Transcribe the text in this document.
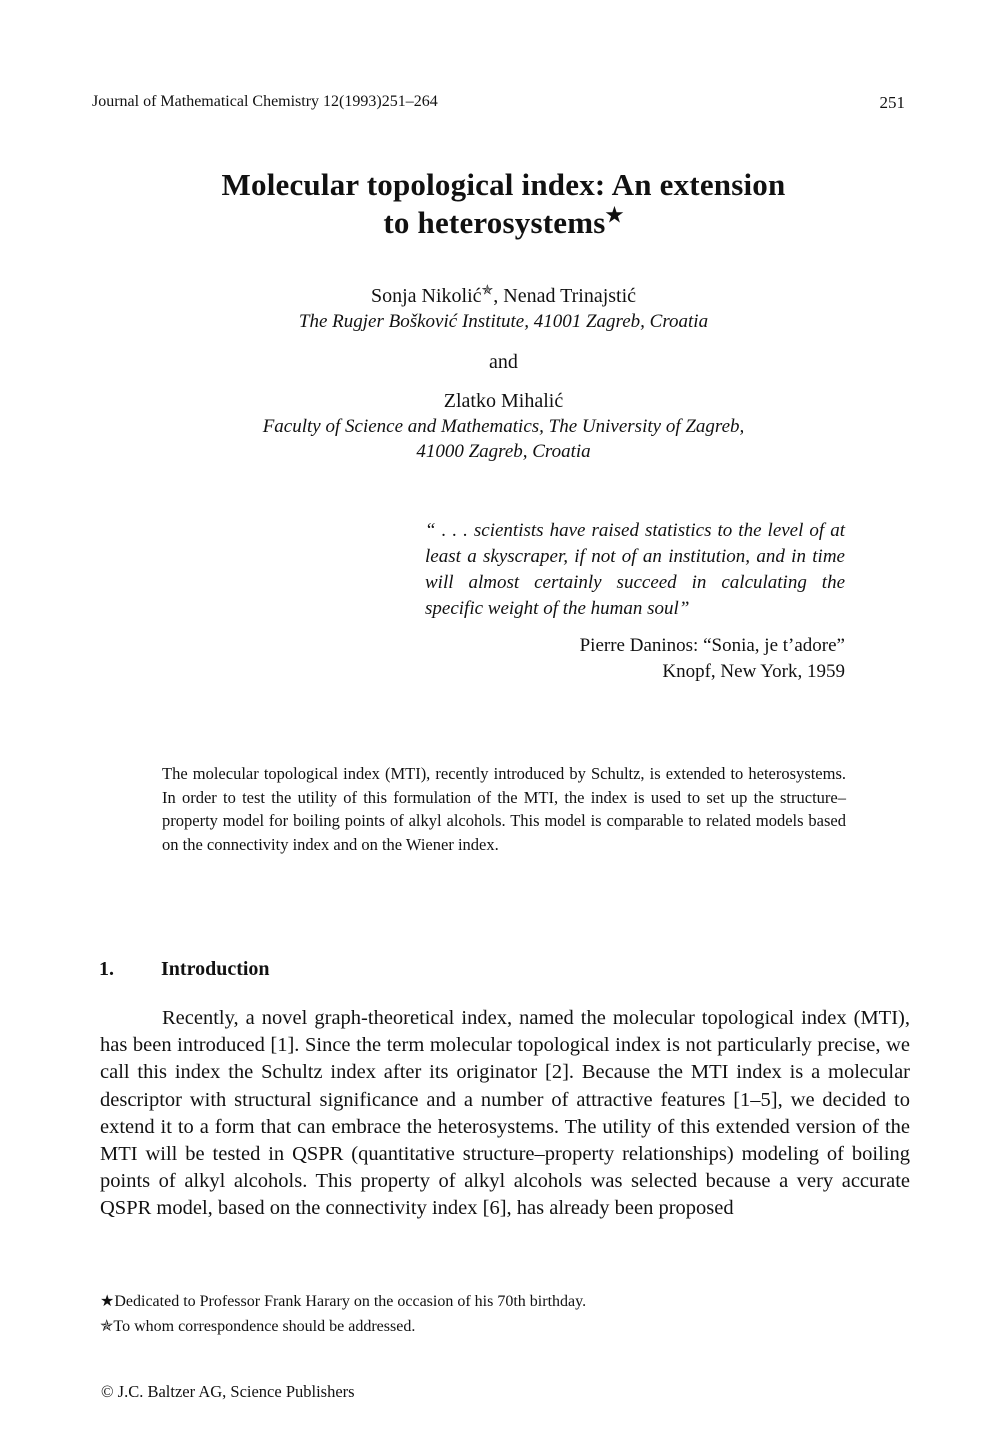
Journal of Mathematical Chemistry 12(1993)251–264	251
Molecular topological index: An extension
to heterosystems★
Sonja Nikolić✯, Nenad Trinajstić
The Rugjer Bošković Institute, 41001 Zagreb, Croatia
and
Zlatko Mihalić
Faculty of Science and Mathematics, The University of Zagreb,
41000 Zagreb, Croatia
“ . . . scientists have raised statistics to the level of at least a skyscraper, if not of an institution, and in time will almost certainly succeed in calculating the specific weight of the human soul”
Pierre Daninos: “Sonia, je t’adore”
Knopf, New York, 1959
The molecular topological index (MTI), recently introduced by Schultz, is extended to heterosystems. In order to test the utility of this formulation of the MTI, the index is used to set up the structure–property model for boiling points of alkyl alcohols. This model is comparable to related models based on the connectivity index and on the Wiener index.
1. Introduction
Recently, a novel graph-theoretical index, named the molecular topological index (MTI), has been introduced [1]. Since the term molecular topological index is not particularly precise, we call this index the Schultz index after its originator [2]. Because the MTI index is a molecular descriptor with structural significance and a number of attractive features [1–5], we decided to extend it to a form that can embrace the heterosystems. The utility of this extended version of the MTI will be tested in QSPR (quantitative structure–property relationships) modeling of boiling points of alkyl alcohols. This property of alkyl alcohols was selected because a very accurate QSPR model, based on the connectivity index [6], has already been proposed
★Dedicated to Professor Frank Harary on the occasion of his 70th birthday.
✯To whom correspondence should be addressed.
© J.C. Baltzer AG, Science Publishers
